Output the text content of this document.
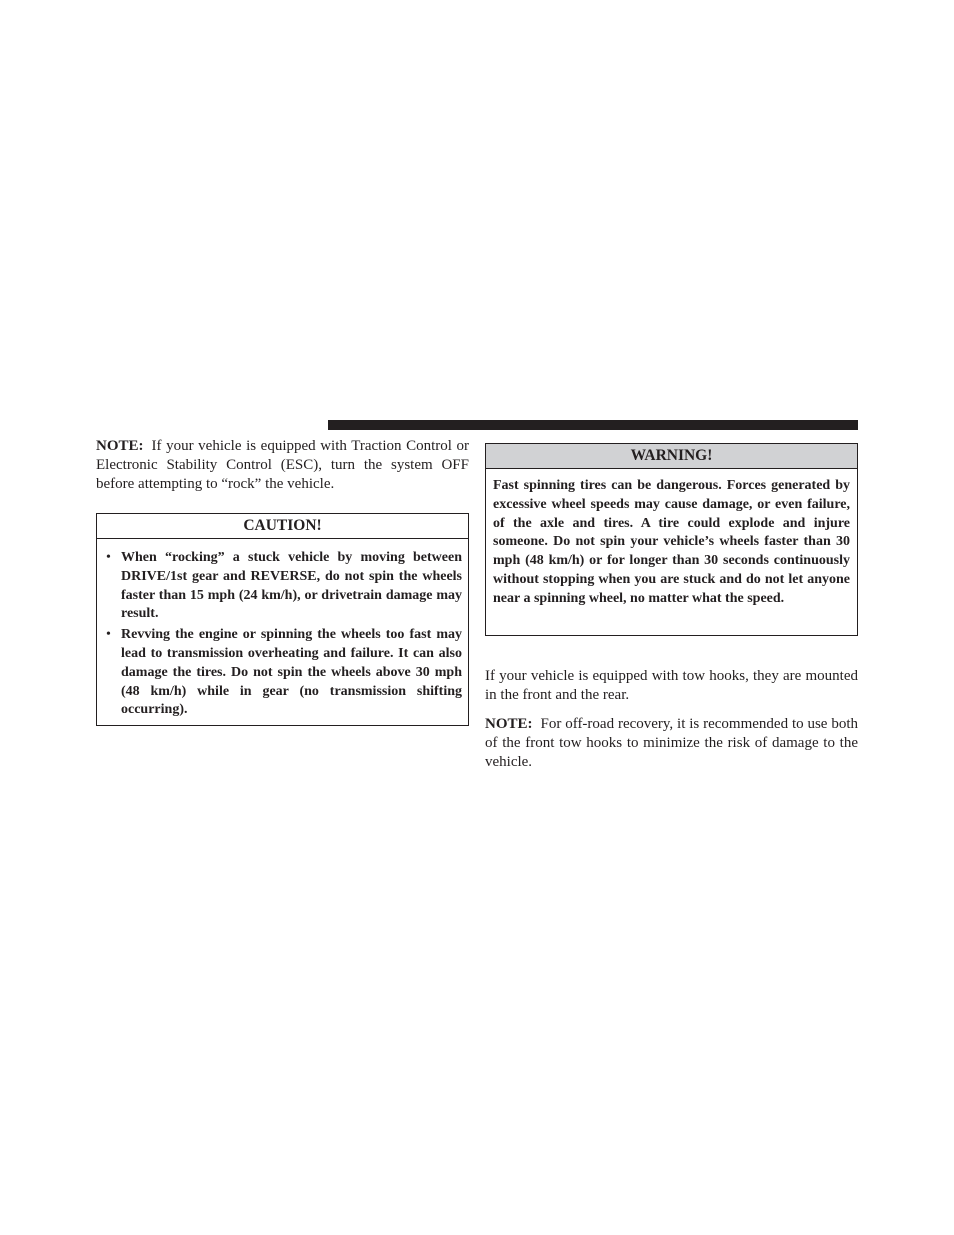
NOTE: If your vehicle is equipped with Traction Control or Electronic Stability Control (ESC), turn the system OFF before attempting to “rock” the vehicle.

CAUTION!
• When “rocking” a stuck vehicle by moving between DRIVE/1st gear and REVERSE, do not spin the wheels faster than 15 mph (24 km/h), or drivetrain damage may result.
• Revving the engine or spinning the wheels too fast may lead to transmission overheating and failure. It can also damage the tires. Do not spin the wheels above 30 mph (48 km/h) while in gear (no transmission shifting occurring).
WARNING!
Fast spinning tires can be dangerous. Forces generated by excessive wheel speeds may cause damage, or even failure, of the axle and tires. A tire could explode and injure someone. Do not spin your vehicle’s wheels faster than 30 mph (48 km/h) or for longer than 30 seconds continuously without stopping when you are stuck and do not let anyone near a spinning wheel, no matter what the speed.

If your vehicle is equipped with tow hooks, they are mounted in the front and the rear.

NOTE: For off-road recovery, it is recommended to use both of the front tow hooks to minimize the risk of damage to the vehicle.
